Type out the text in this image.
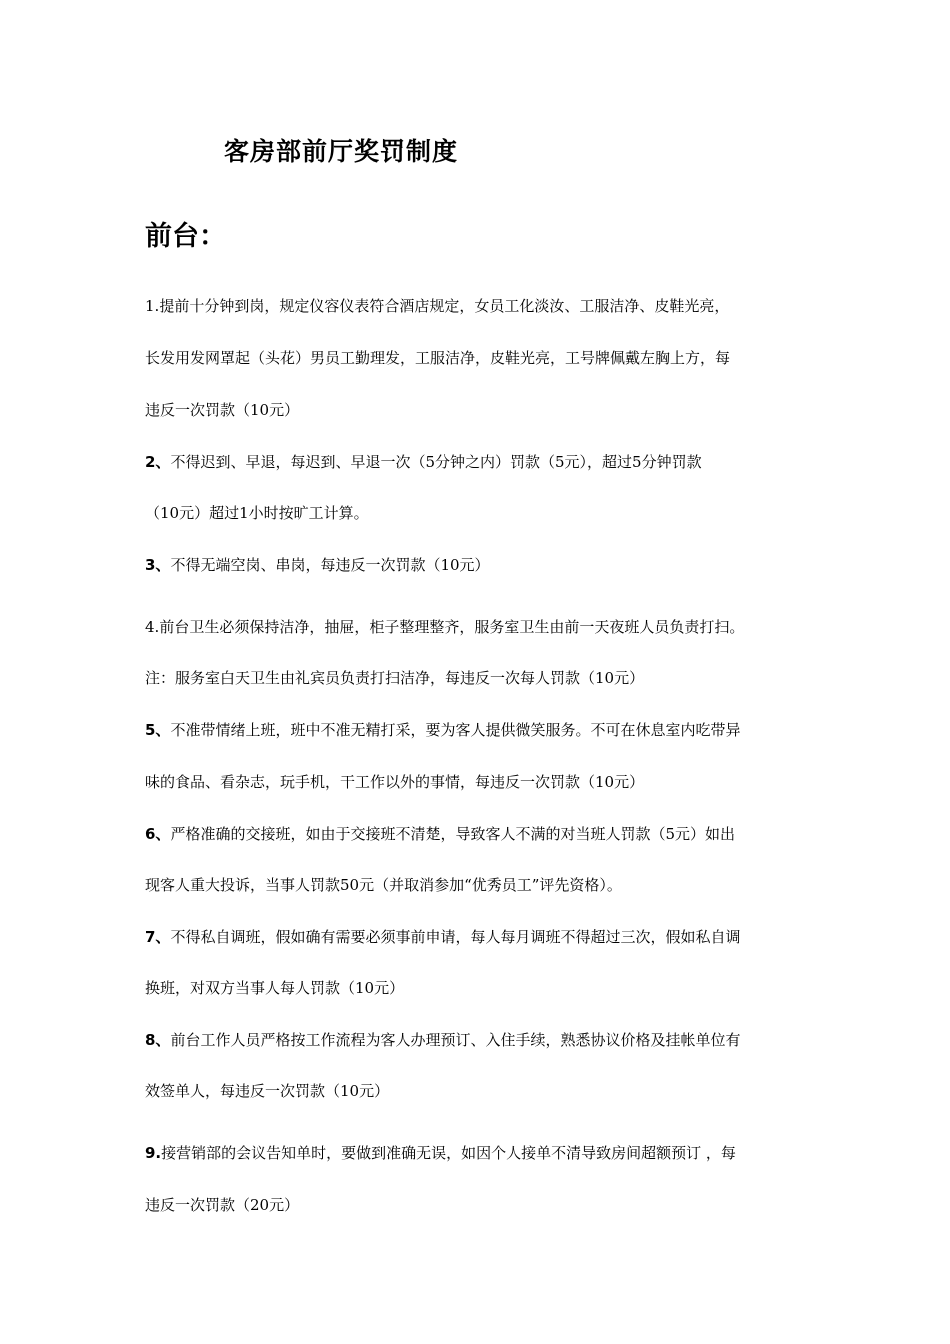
客房部前厅奖罚制度
前台：
1.提前十分钟到岗，规定仪容仪表符合酒店规定，女员工化淡汝、工服洁净、皮鞋光亮，
长发用发网罩起（头花）男员工勤理发，工服洁净，皮鞋光亮，工号牌佩戴左胸上方，每
违反一次罚款（10元）
2、不得迟到、早退，每迟到、早退一次（5分钟之内）罚款（5元），超过5分钟罚款
（10元）超过1小时按旷工计算。
3、不得无端空岗、串岗，每违反一次罚款（10元）
4.前台卫生必须保持洁净，抽屉，柜子整理整齐，服务室卫生由前一天夜班人员负责打扫。
注：服务室白天卫生由礼宾员负责打扫洁净，每违反一次每人罚款（10元）
5、不准带情绪上班，班中不准无精打采，要为客人提供微笑服务。不可在休息室内吃带异
味的食品、看杂志，玩手机，干工作以外的事情，每违反一次罚款（10元）
6、严格准确的交接班，如由于交接班不清楚，导致客人不满的对当班人罚款（5元）如出
现客人重大投诉，当事人罚款50元（并取消参加“优秀员工”评先资格）。
7、不得私自调班，假如确有需要必须事前申请，每人每月调班不得超过三次，假如私自调
换班，对双方当事人每人罚款（10元）
8、前台工作人员严格按工作流程为客人办理预订、入住手续，熟悉协议价格及挂帐单位有
效签单人，每违反一次罚款（10元）
9.接营销部的会议告知单时，要做到准确无误，如因个人接单不清导致房间超额预订 ，每
违反一次罚款（20元）
